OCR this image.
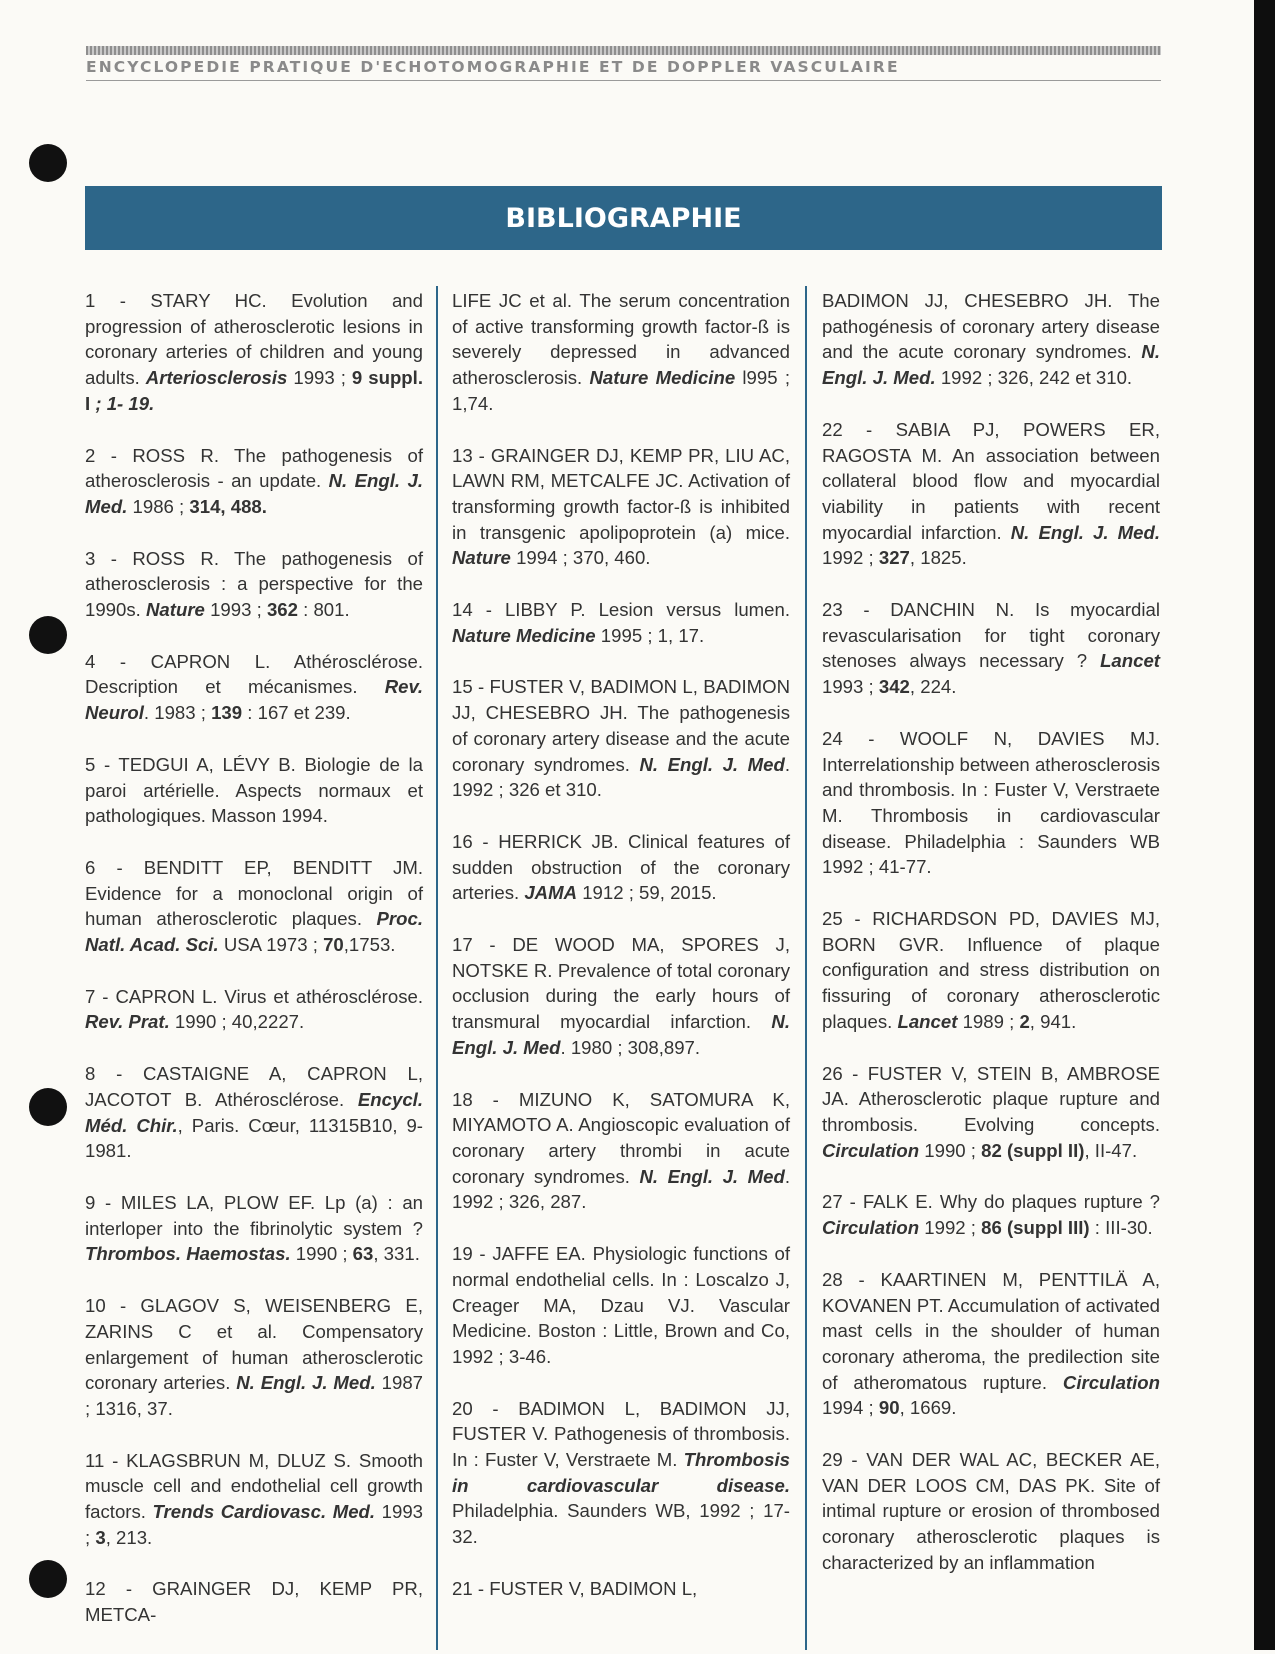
ENCYCLOPEDIE PRATIQUE D'ECHOTOMOGRAPHIE ET DE DOPPLER VASCULAIRE
BIBLIOGRAPHIE

1 - STARY HC. Evolution and progression of atherosclerotic lesions in coronary arteries of children and young adults. Arteriosclerosis 1993 ; 9 suppl. I ; 1- 19.

2 - ROSS R. The pathogenesis of atherosclerosis - an update. N. Engl. J. Med. 1986 ; 314, 488.

3 - ROSS R. The pathogenesis of atherosclerosis : a perspective for the 1990s. Nature 1993 ; 362 : 801.

4 - CAPRON L. Athérosclérose. Description et mécanismes. Rev. Neurol. 1983 ; 139 : 167 et 239.

5 - TEDGUI A, LÉVY B. Biologie de la paroi artérielle. Aspects normaux et pathologiques. Masson 1994.

6 - BENDITT EP, BENDITT JM. Evidence for a monoclonal origin of human atherosclerotic plaques. Proc. Natl. Acad. Sci. USA 1973 ; 70,1753.

7 - CAPRON L. Virus et athérosclérose. Rev. Prat. 1990 ; 40,2227.

8 - CASTAIGNE A, CAPRON L, JACOTOT B. Athérosclérose. Encycl. Méd. Chir., Paris. Cœur, 11315B10, 9-1981.

9 - MILES LA, PLOW EF. Lp (a) : an interloper into the fibrinolytic system ? Thrombos. Haemostas. 1990 ; 63, 331.

10 - GLAGOV S, WEISENBERG E, ZARINS C et al. Compensatory enlargement of human atherosclerotic coronary arteries. N. Engl. J. Med. 1987 ; 1316, 37.

11 - KLAGSBRUN M, DLUZ S. Smooth muscle cell and endothelial cell growth factors. Trends Cardiovasc. Med. 1993 ; 3, 213.

12 - GRAINGER DJ, KEMP PR, METCA-

LIFE JC et al. The serum concentration of active transforming growth factor-ß is severely depressed in advanced atherosclerosis. Nature Medicine l995 ; 1,74.

13 - GRAINGER DJ, KEMP PR, LIU AC, LAWN RM, METCALFE JC. Activation of transforming growth factor-ß is inhibited in transgenic apolipoprotein (a) mice. Nature 1994 ; 370, 460.

14 - LIBBY P. Lesion versus lumen. Nature Medicine 1995 ; 1, 17.

15 - FUSTER V, BADIMON L, BADIMON JJ, CHESEBRO JH. The pathogenesis of coronary artery disease and the acute coronary syndromes. N. Engl. J. Med. 1992 ; 326 et 310.

16 - HERRICK JB. Clinical features of sudden obstruction of the coronary arteries. JAMA 1912 ; 59, 2015.

17 - DE WOOD MA, SPORES J, NOTSKE R. Prevalence of total coronary occlusion during the early hours of transmural myocardial infarction. N. Engl. J. Med. 1980 ; 308,897.

18 - MIZUNO K, SATOMURA K, MIYAMOTO A. Angioscopic evaluation of coronary artery thrombi in acute coronary syndromes. N. Engl. J. Med. 1992 ; 326, 287.

19 - JAFFE EA. Physiologic functions of normal endothelial cells. In : Loscalzo J, Creager MA, Dzau VJ. Vascular Medicine. Boston : Little, Brown and Co, 1992 ; 3-46.

20 - BADIMON L, BADIMON JJ, FUSTER V. Pathogenesis of thrombosis. In : Fuster V, Verstraete M. Thrombosis in cardiovascular disease. Philadelphia. Saunders WB, 1992 ; 17-32.

21 - FUSTER V, BADIMON L,

BADIMON JJ, CHESEBRO JH. The pathogénesis of coronary artery disease and the acute coronary syndromes. N. Engl. J. Med. 1992 ; 326, 242 et 310.

22 - SABIA PJ, POWERS ER, RAGOSTA M. An association between collateral blood flow and myocardial viability in patients with recent myocardial infarction. N. Engl. J. Med. 1992 ; 327, 1825.

23 - DANCHIN N. Is myocardial revascularisation for tight coronary stenoses always necessary ? Lancet 1993 ; 342, 224.

24 - WOOLF N, DAVIES MJ. Interrelationship between atherosclerosis and thrombosis. In : Fuster V, Verstraete M. Thrombosis in cardiovascular disease. Philadelphia : Saunders WB 1992 ; 41-77.

25 - RICHARDSON PD, DAVIES MJ, BORN GVR. Influence of plaque configuration and stress distribution on fissuring of coronary atherosclerotic plaques. Lancet 1989 ; 2, 941.

26 - FUSTER V, STEIN B, AMBROSE JA. Atherosclerotic plaque rupture and thrombosis. Evolving concepts. Circulation 1990 ; 82 (suppl II), II-47.

27 - FALK E. Why do plaques rupture ? Circulation 1992 ; 86 (suppl III) : III-30.

28 - KAARTINEN M, PENTTILÄ A, KOVANEN PT. Accumulation of activated mast cells in the shoulder of human coronary atheroma, the predilection site of atheromatous rupture. Circulation 1994 ; 90, 1669.

29 - VAN DER WAL AC, BECKER AE, VAN DER LOOS CM, DAS PK. Site of intimal rupture or erosion of thrombosed coronary atherosclerotic plaques is characterized by an inflammation
